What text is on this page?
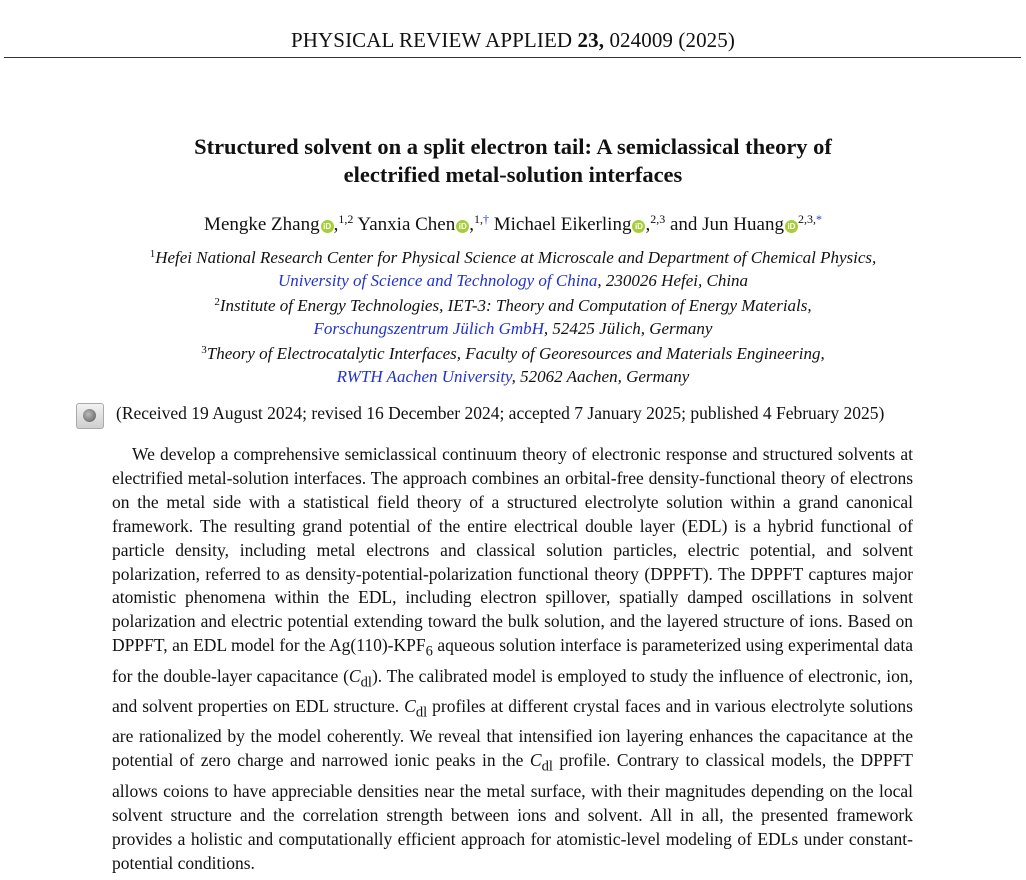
PHYSICAL REVIEW APPLIED 23, 024009 (2025)
Structured solvent on a split electron tail: A semiclassical theory of
electrified metal-solution interfaces
Mengke Zhang iD ,$^{1,2}$ Yanxia Chen iD ,$^{1,\dagger}$ Michael Eikerling iD ,$^{2,3}$ and Jun Huang $iD^{2,3,*}$
$^1$Hefei National Research Center for Physical Science at Microscale and Department of Chemical Physics,
University of Science and Technology of China, 230026 Hefei, China
$^2$Institute of Energy Technologies, IET-3: Theory and Computation of Energy Materials,
Forschungszentrum Jülich GmbH, 52425 Jülich, Germany
$^3$Theory of Electrocatalytic Interfaces, Faculty of Georesources and Materials Engineering,
RWTH Aachen University, 52062 Aachen, Germany
(Received 19 August 2024; revised 16 December 2024; accepted 7 January 2025; published 4 February 2025)
We develop a comprehensive semiclassical continuum theory of electronic response and structured solvents at electrified metal-solution interfaces. The approach combines an orbital-free density-functional theory of electrons on the metal side with a statistical field theory of a structured electrolyte solution within a grand canonical framework. The resulting grand potential of the entire electrical double layer (EDL) is a hybrid functional of particle density, including metal electrons and classical solution particles, electric potential, and solvent polarization, referred to as density-potential-polarization functional theory (DPPFT). The DPPFT captures major atomistic phenomena within the EDL, including electron spillover, spatially damped oscillations in solvent polarization and electric potential extending toward the bulk solution, and the layered structure of ions. Based on DPPFT, an EDL model for the $Ag(110)-KPF_6$ aqueous solution interface is parameterized using experimental data for the double-layer capacitance $(C_{dl})$. The calibrated model is employed to study the influence of electronic, ion, and solvent properties on EDL structure. $C_{dl}$ profiles at different crystal faces and in various electrolyte solutions are rationalized by the model coherently. We reveal that intensified ion layering enhances the capacitance at the potential of zero charge and narrowed ionic peaks in the $C_{dl}$ profile. Contrary to classical models, the DPPFT allows coions to have appreciable densities near the metal surface, with their magnitudes depending on the local solvent structure and the correlation strength between ions and solvent. All in all, the presented framework provides a holistic and computationally efficient approach for atomistic-level modeling of EDLs under constant-potential conditions.
